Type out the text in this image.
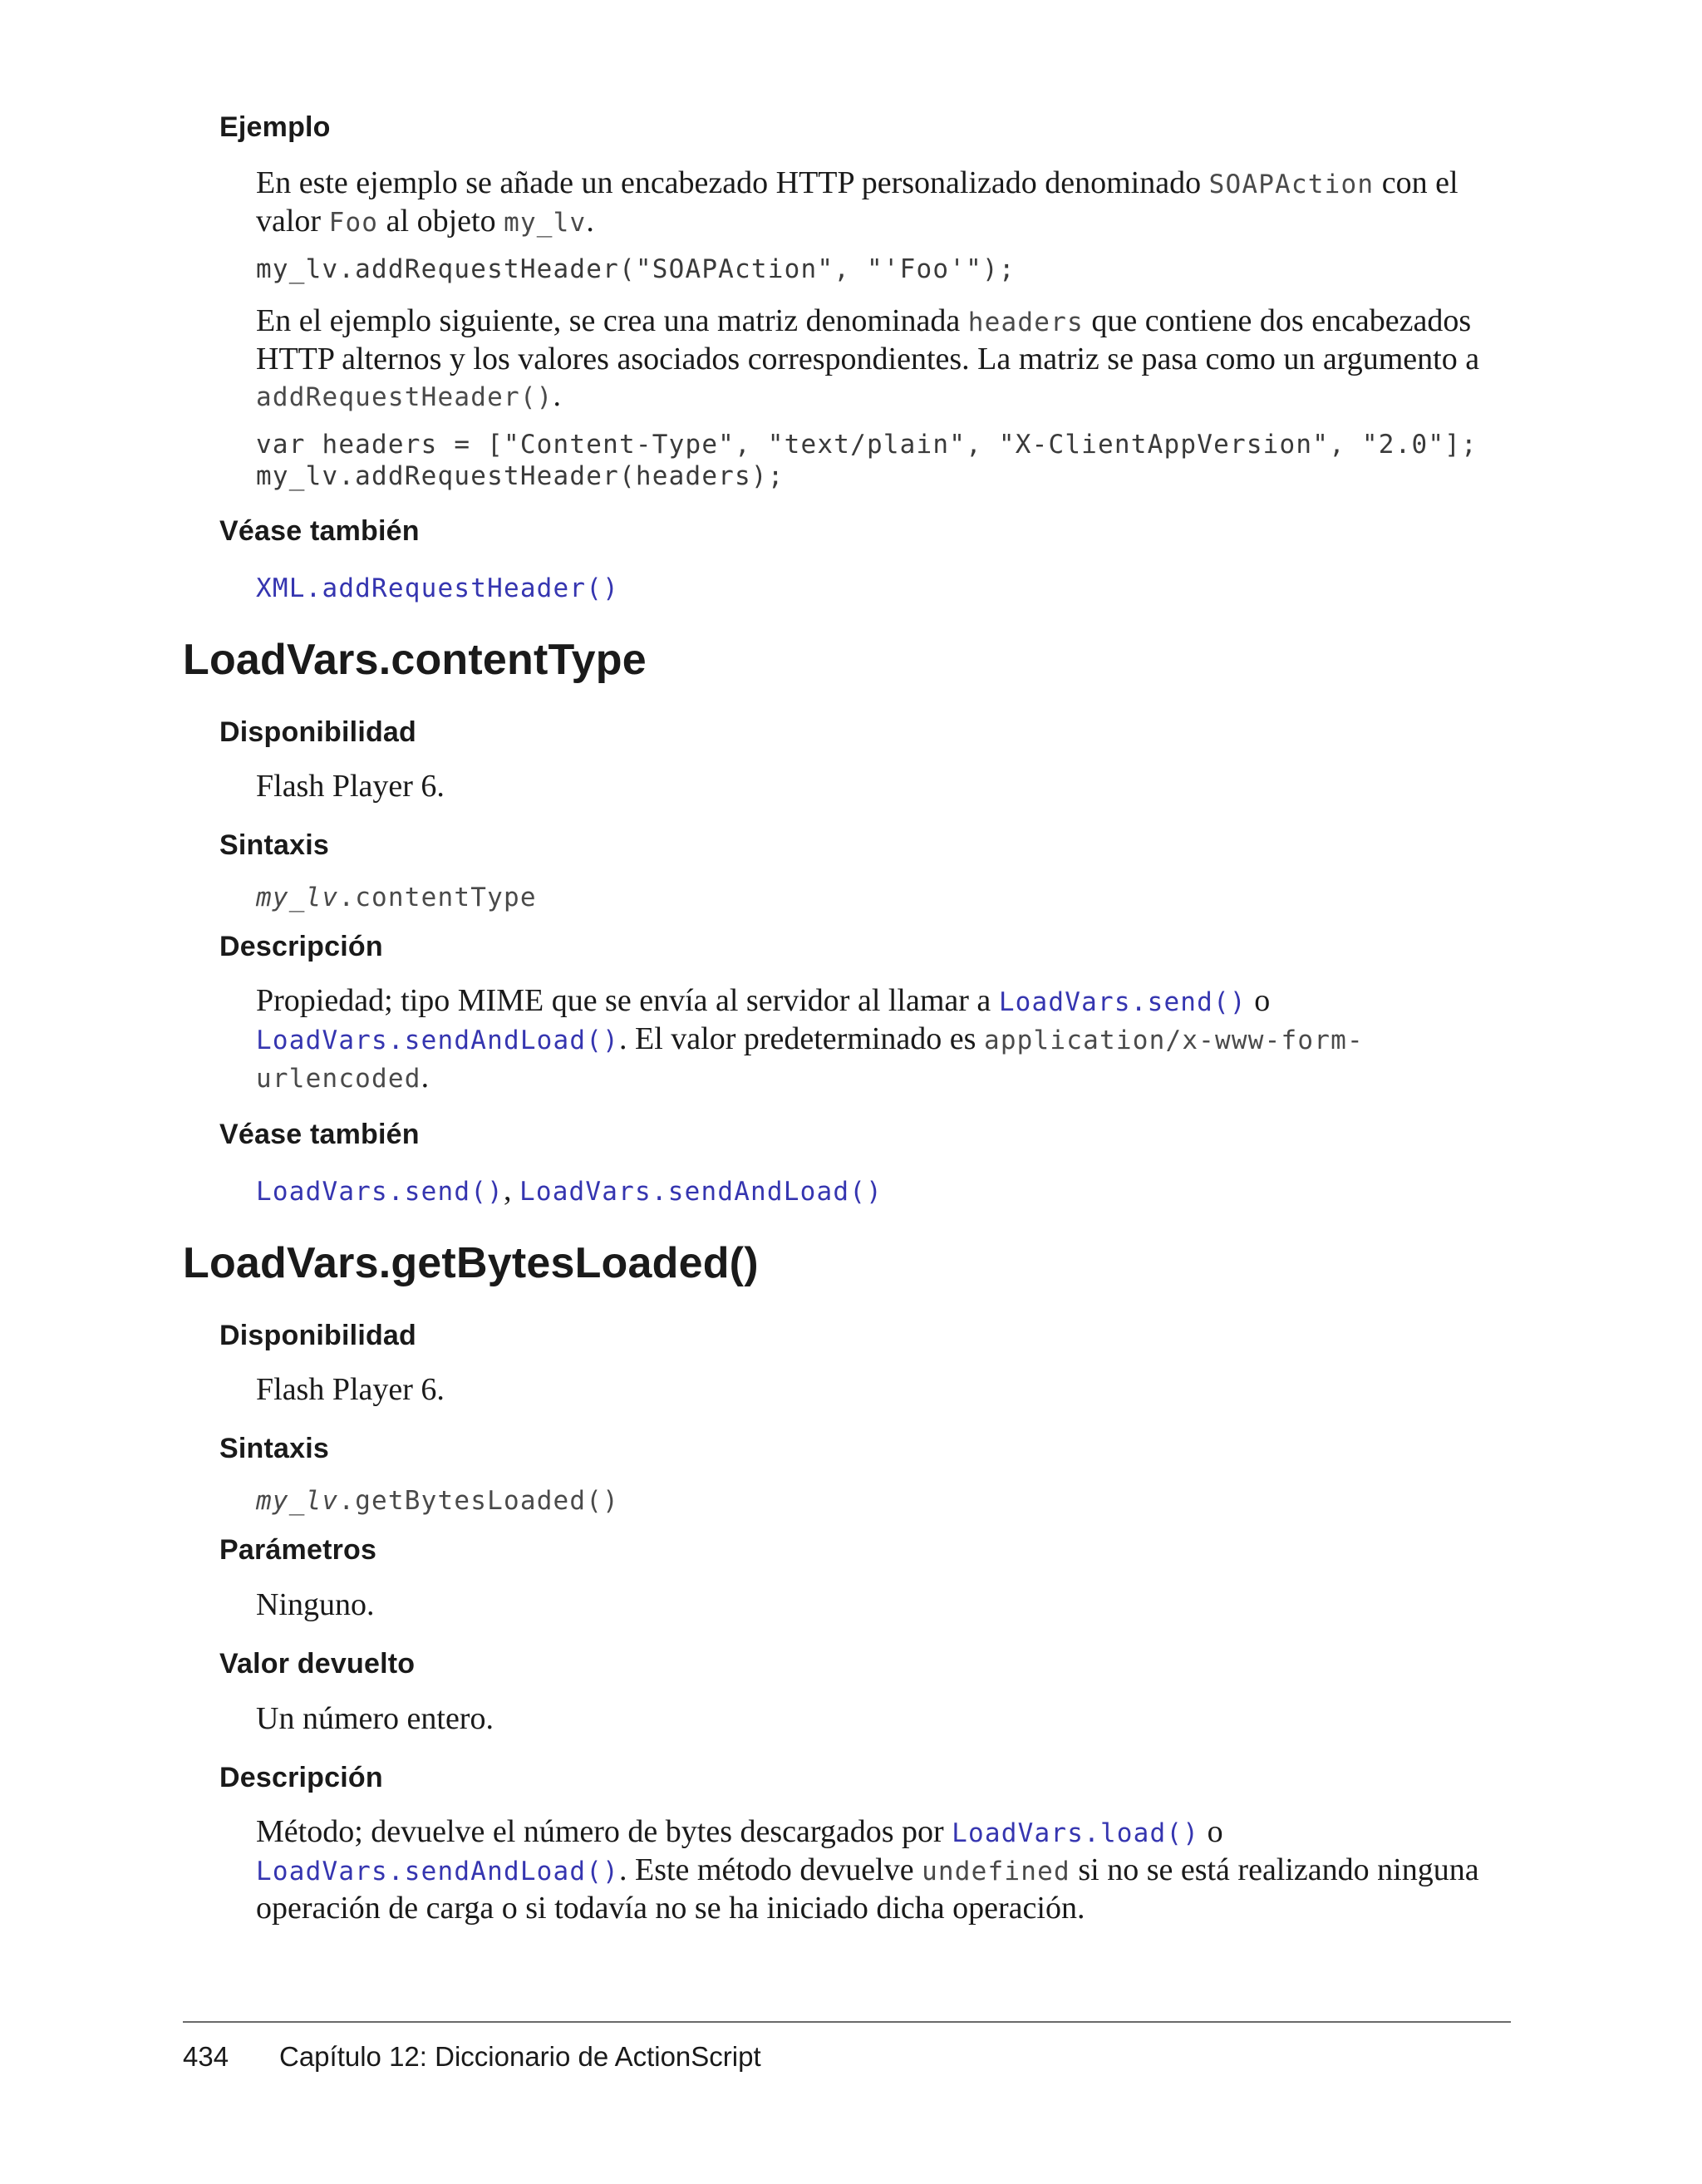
Ejemplo
En este ejemplo se añade un encabezado HTTP personalizado denominado SOAPAction con el
valor Foo al objeto my_lv.
my_lv.addRequestHeader("SOAPAction", "'Foo'");
En el ejemplo siguiente, se crea una matriz denominada headers que contiene dos encabezados
HTTP alternos y los valores asociados correspondientes. La matriz se pasa como un argumento a
addRequestHeader().
var headers = ["Content-Type", "text/plain", "X-ClientAppVersion", "2.0"];
my_lv.addRequestHeader(headers);
Véase también
XML.addRequestHeader()
LoadVars.contentType
Disponibilidad
Flash Player 6.
Sintaxis
my_lv.contentType
Descripción
Propiedad; tipo MIME que se envía al servidor al llamar a LoadVars.send() o
LoadVars.sendAndLoad(). El valor predeterminado es application/x-www-form-
urlencoded.
Véase también
LoadVars.send(), LoadVars.sendAndLoad()
LoadVars.getBytesLoaded()
Disponibilidad
Flash Player 6.
Sintaxis
my_lv.getBytesLoaded()
Parámetros
Ninguno.
Valor devuelto
Un número entero.
Descripción
Método; devuelve el número de bytes descargados por LoadVars.load() o
LoadVars.sendAndLoad(). Este método devuelve undefined si no se está realizando ninguna
operación de carga o si todavía no se ha iniciado dicha operación.
434 Capítulo 12: Diccionario de ActionScript
